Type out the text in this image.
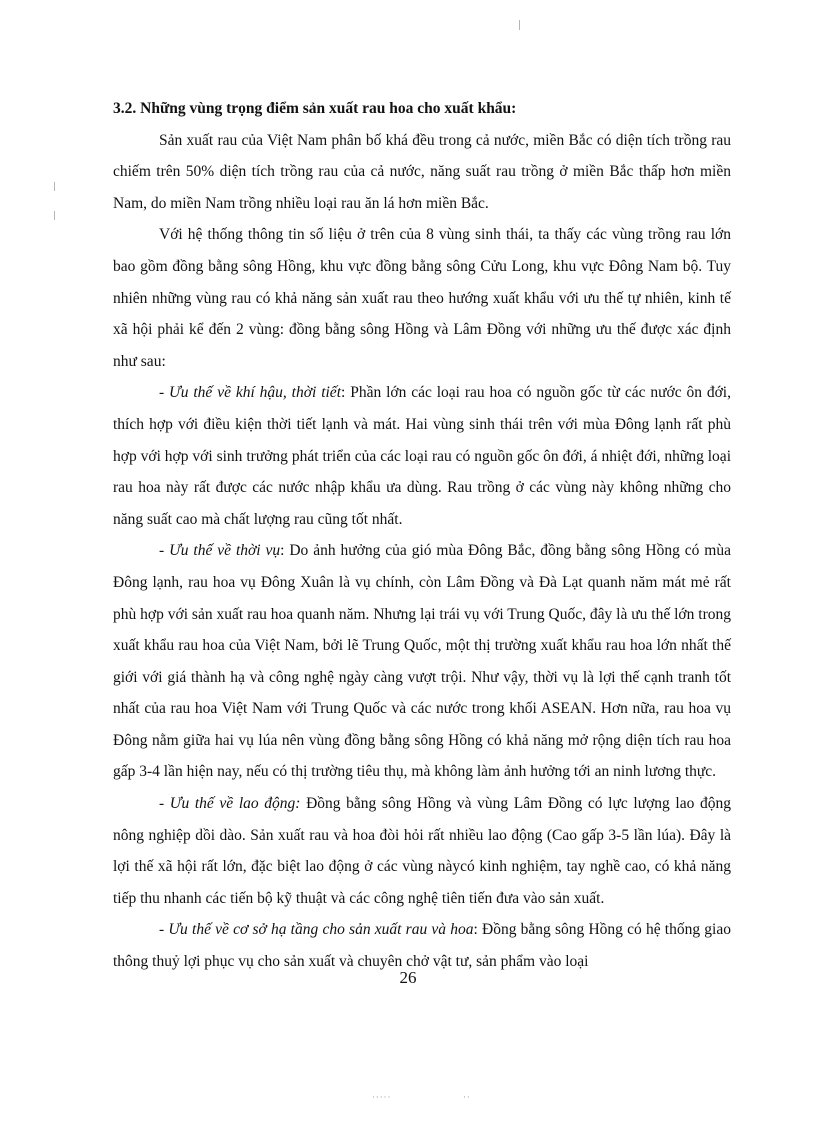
3.2. Những vùng trọng điểm sản xuất rau hoa cho xuất khẩu:

Sản xuất rau của Việt Nam phân bố khá đều trong cả nước, miền Bắc có diện tích trồng rau chiếm trên 50% diện tích trồng rau của cả nước, năng suất rau trồng ở miền Bắc thấp hơn miền Nam, do miền Nam trồng nhiều loại rau ăn lá hơn miền Bắc.

Với hệ thống thông tin số liệu ở trên của 8 vùng sinh thái, ta thấy các vùng trồng rau lớn bao gồm đồng bằng sông Hồng, khu vực đồng bằng sông Cửu Long, khu vực Đông Nam bộ. Tuy nhiên những vùng rau có khả năng sản xuất rau theo hướng xuất khẩu với ưu thế tự nhiên, kinh tế xã hội phải kể đến 2 vùng: đồng bằng sông Hồng và Lâm Đồng với những ưu thế được xác định như sau:

- Ưu thế về khí hậu, thời tiết: Phần lớn các loại rau hoa có nguồn gốc từ các nước ôn đới, thích hợp với điều kiện thời tiết lạnh và mát. Hai vùng sinh thái trên với mùa Đông lạnh rất phù hợp với hợp với sinh trưởng phát triển của các loại rau có nguồn gốc ôn đới, á nhiệt đới, những loại rau hoa này rất được các nước nhập khẩu ưa dùng. Rau trồng ở các vùng này không những cho năng suất cao mà chất lượng rau cũng tốt nhất.

- Ưu thế về thời vụ: Do ảnh hưởng của gió mùa Đông Bắc, đồng bằng sông Hồng có mùa Đông lạnh, rau hoa vụ Đông Xuân là vụ chính, còn Lâm Đồng và Đà Lạt quanh năm mát mẻ rất phù hợp với sản xuất rau hoa quanh năm. Nhưng lại trái vụ với Trung Quốc, đây là ưu thế lớn trong xuất khẩu rau hoa của Việt Nam, bởi lẽ Trung Quốc, một thị trường xuất khẩu rau hoa lớn nhất thế giới với giá thành hạ và công nghệ ngày càng vượt trội. Như vậy, thời vụ là lợi thế cạnh tranh tốt nhất của rau hoa Việt Nam với Trung Quốc và các nước trong khối ASEAN. Hơn nữa, rau hoa vụ Đông nằm giữa hai vụ lúa nên vùng đồng bằng sông Hồng có khả năng mở rộng diện tích rau hoa gấp 3-4 lần hiện nay, nếu có thị trường tiêu thụ, mà không làm ảnh hưởng tới an ninh lương thực.

- Ưu thế về lao động: Đồng bằng sông Hồng và vùng Lâm Đồng có lực lượng lao động nông nghiệp dồi dào. Sản xuất rau và hoa đòi hỏi rất nhiều lao động (Cao gấp 3-5 lần lúa). Đây là lợi thế xã hội rất lớn, đặc biệt lao động ở các vùng nàycó kinh nghiệm, tay nghề cao, có khả năng tiếp thu nhanh các tiến bộ kỹ thuật và các công nghệ tiên tiến đưa vào sản xuất.

- Ưu thế về cơ sở hạ tầng cho sản xuất rau và hoa: Đồng bằng sông Hồng có hệ thống giao thông thuỷ lợi phục vụ cho sản xuất và chuyên chở vật tư, sản phẩm vào loại

26
·····	··
